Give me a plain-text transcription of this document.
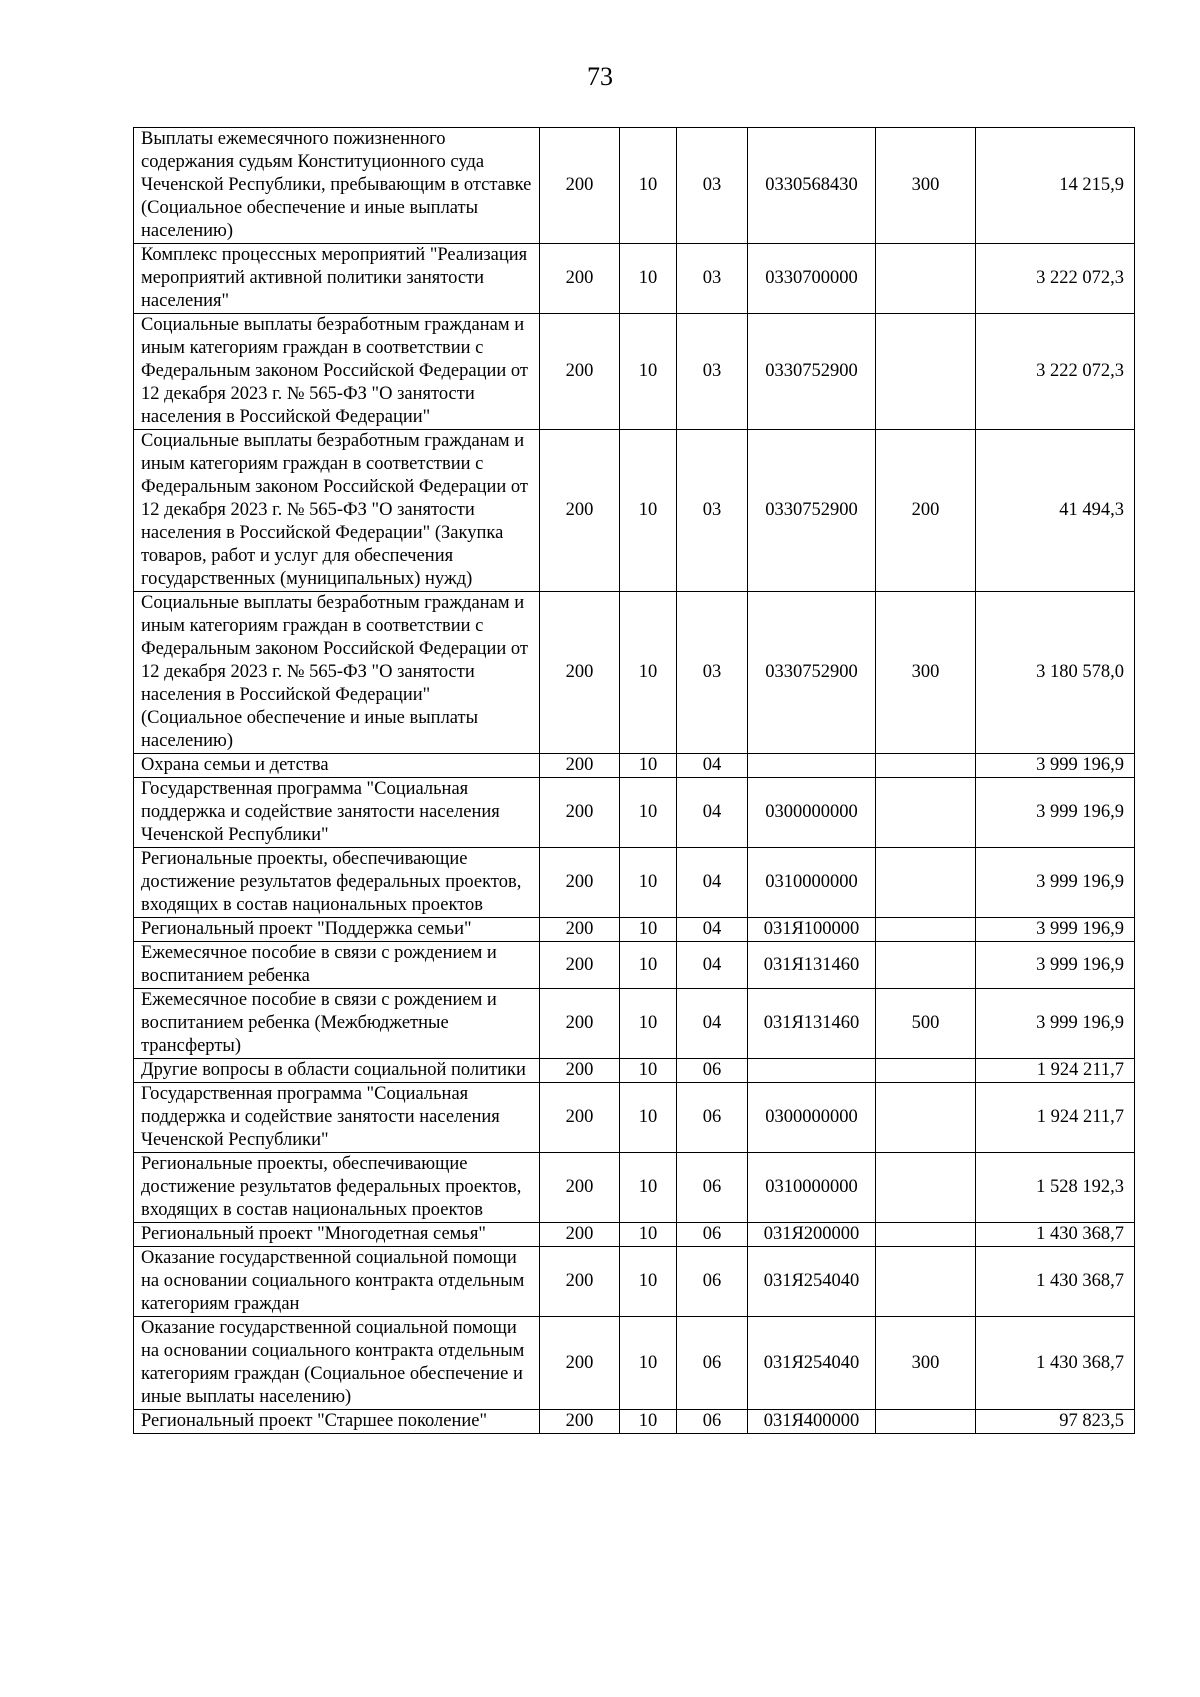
73
Выплаты ежемесячного пожизненного содержания судьям Конституционного суда Чеченской Республики, пребывающим в отставке (Социальное обеспечение и иные выплаты населению)	200	10	03	0330568430	300	14 215,9
Комплекс процессных мероприятий "Реализация мероприятий активной политики занятости населения"	200	10	03	0330700000		3 222 072,3
Социальные выплаты безработным гражданам и иным категориям граждан в соответствии с Федеральным законом Российской Федерации от 12 декабря 2023 г. № 565-ФЗ "О занятости населения в Российской Федерации"	200	10	03	0330752900		3 222 072,3
Социальные выплаты безработным гражданам и иным категориям граждан в соответствии с Федеральным законом Российской Федерации от 12 декабря 2023 г. № 565-ФЗ "О занятости населения в Российской Федерации" (Закупка товаров, работ и услуг для обеспечения государственных (муниципальных) нужд)	200	10	03	0330752900	200	41 494,3
Социальные выплаты безработным гражданам и иным категориям граждан в соответствии с Федеральным законом Российской Федерации от 12 декабря 2023 г. № 565-ФЗ "О занятости населения в Российской Федерации" (Социальное обеспечение и иные выплаты населению)	200	10	03	0330752900	300	3 180 578,0
Охрана семьи и детства	200	10	04			3 999 196,9
Государственная программа "Социальная поддержка и содействие занятости населения Чеченской Республики"	200	10	04	0300000000		3 999 196,9
Региональные проекты, обеспечивающие достижение результатов федеральных проектов, входящих в состав национальных проектов	200	10	04	0310000000		3 999 196,9
Региональный проект "Поддержка семьи"	200	10	04	031Я100000		3 999 196,9
Ежемесячное пособие в связи с рождением и воспитанием ребенка	200	10	04	031Я131460		3 999 196,9
Ежемесячное пособие в связи с рождением и воспитанием ребенка (Межбюджетные трансферты)	200	10	04	031Я131460	500	3 999 196,9
Другие вопросы в области социальной политики	200	10	06			1 924 211,7
Государственная программа "Социальная поддержка и содействие занятости населения Чеченской Республики"	200	10	06	0300000000		1 924 211,7
Региональные проекты, обеспечивающие достижение результатов федеральных проектов, входящих в состав национальных проектов	200	10	06	0310000000		1 528 192,3
Региональный проект "Многодетная семья"	200	10	06	031Я200000		1 430 368,7
Оказание государственной социальной помощи на основании социального контракта отдельным категориям граждан	200	10	06	031Я254040		1 430 368,7
Оказание государственной социальной помощи на основании социального контракта отдельным категориям граждан (Социальное обеспечение и иные выплаты населению)	200	10	06	031Я254040	300	1 430 368,7
Региональный проект "Старшее поколение"	200	10	06	031Я400000		97 823,5
